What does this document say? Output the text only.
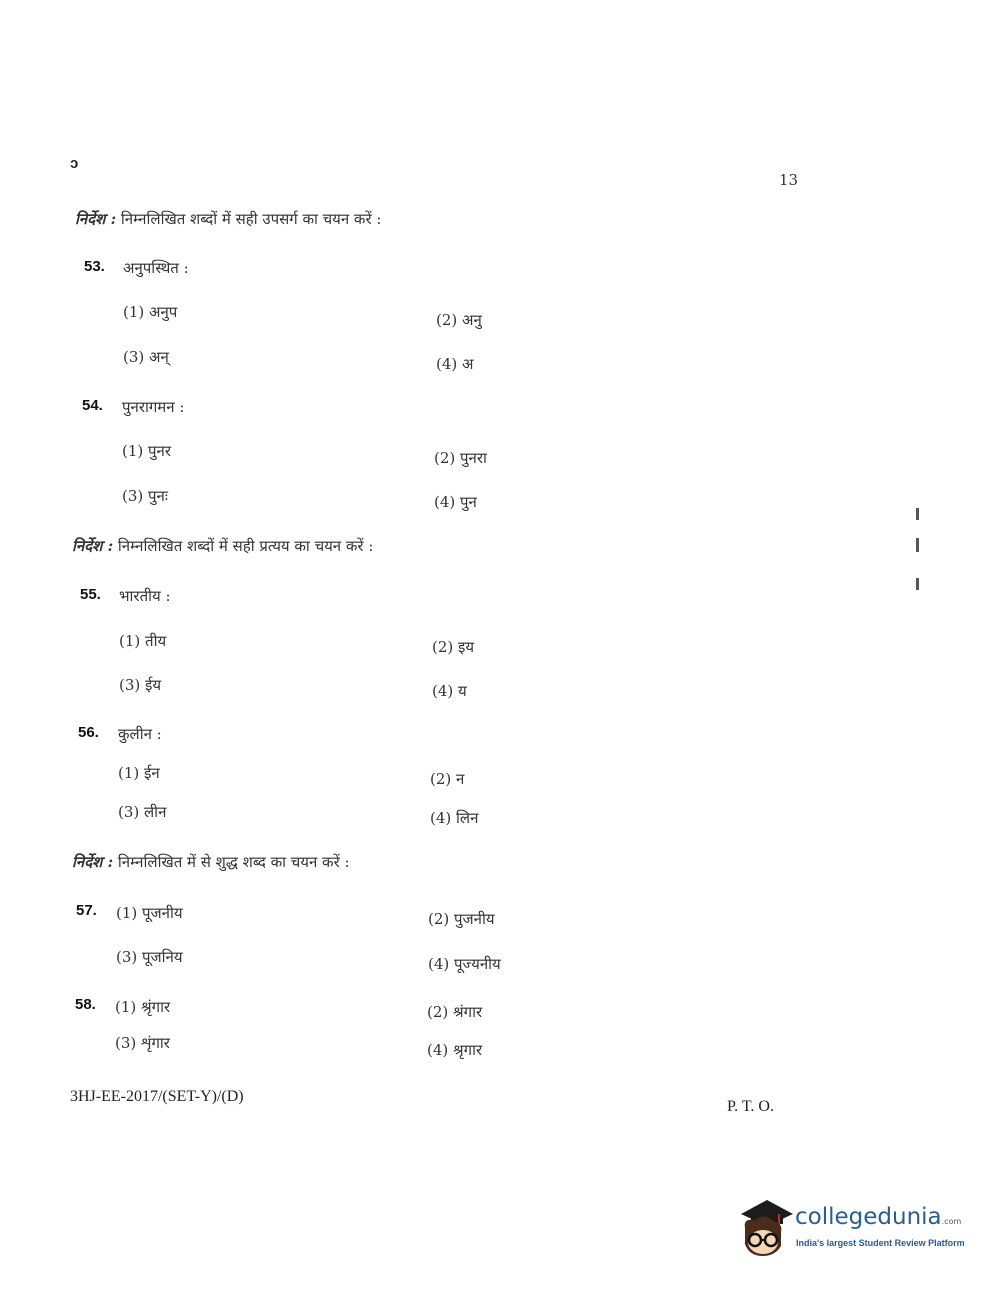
ɔ
13
निर्देश : निम्नलिखित शब्दों में सही उपसर्ग का चयन करें :
53. अनुपस्थित :
(1) अनुप	(2) अनु
(3) अन्	(4) अ
54. पुनरागमन :
(1) पुनर	(2) पुनरा
(3) पुनः	(4) पुन
निर्देश : निम्नलिखित शब्दों में सही प्रत्यय का चयन करें :
55. भारतीय :
(1) तीय	(2) इय
(3) ईय	(4) य
56. कुलीन :
(1) ईन	(2) न
(3) लीन	(4) लिन
निर्देश : निम्नलिखित में से शुद्ध शब्द का चयन करें :
57. (1) पूजनीय	(2) पुजनीय
(3) पूजनिय	(4) पूज्यनीय
58. (1) श्रृंगार	(2) श्रंगार
(3) शृंगार	(4) श्रृगार
3HJ-EE-2017/(SET-Y)/(D)
P. T. O.
collegedunia.com
India's largest Student Review Platform
